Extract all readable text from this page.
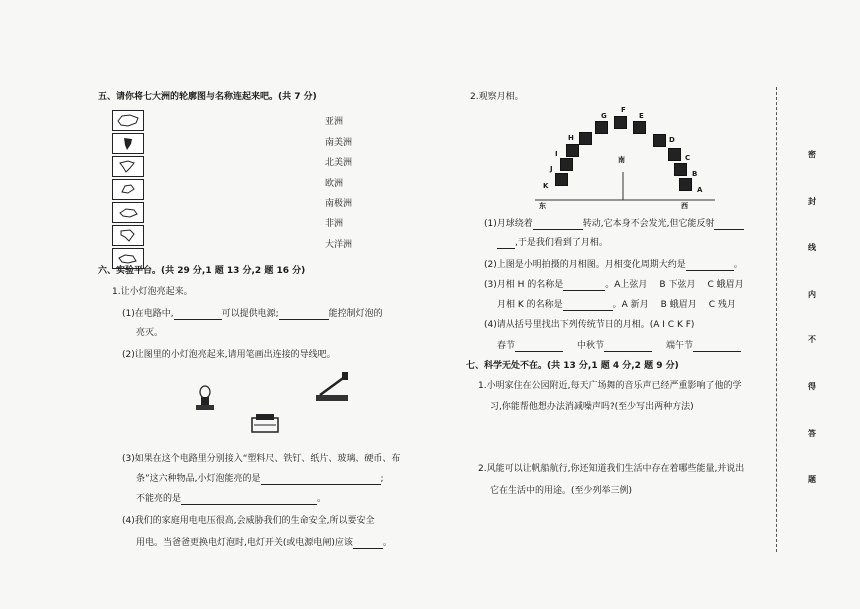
五、请你将七大洲的轮廓图与名称连起来吧。(共 7 分)
亚洲
南美洲
北美洲
欧洲
南极洲
非洲
大洋洲
六、实验平台。(共 29 分,1 题 13 分,2 题 16 分)
1.让小灯泡亮起来。
(1)在电路中,	可以提供电源;	能控制灯泡的
亮灭。
(2)让图里的小灯泡亮起来,请用笔画出连接的导线吧。
(3)如果在这个电路里分别接入“塑料尺、铁钉、纸片、玻璃、硬币、布
条”这六种物品,小灯泡能亮的是	;
不能亮的是	。
(4)我们的家庭用电电压很高,会威胁我们的生命安全,所以要安全
用电。当爸爸更换电灯泡时,电灯开关(或电源电闸)应该	。
2.观察月相。
A
B
C
D
E
F
G
H
I
J
K
南
东	西
(1)月球绕着	转动,它本身不会发光,但它能反射
,于是我们看到了月相。
(2)上图是小明拍摄的月相图。月相变化周期大约是	。
(3)月相 H 的名称是	。A上弦月 B 下弦月 C 蛾眉月
月相 K 的名称是	。A 新月 B 蛾眉月 C 残月
(4)请从括号里找出下列传统节日的月相。(A I C K F)
春节	中秋节	端午节
七、科学无处不在。(共 13 分,1 题 4 分,2 题 9 分)
1.小明家住在公园附近,每天广场舞的音乐声已经严重影响了他的学
习,你能帮他想办法消减噪声吗?(至少写出两种方法)
2.风能可以让帆船航行,你还知道我们生活中存在着哪些能量,并说出
它在生活中的用途。(至少列举三例)
密
封
线
内
不
得
答
题
